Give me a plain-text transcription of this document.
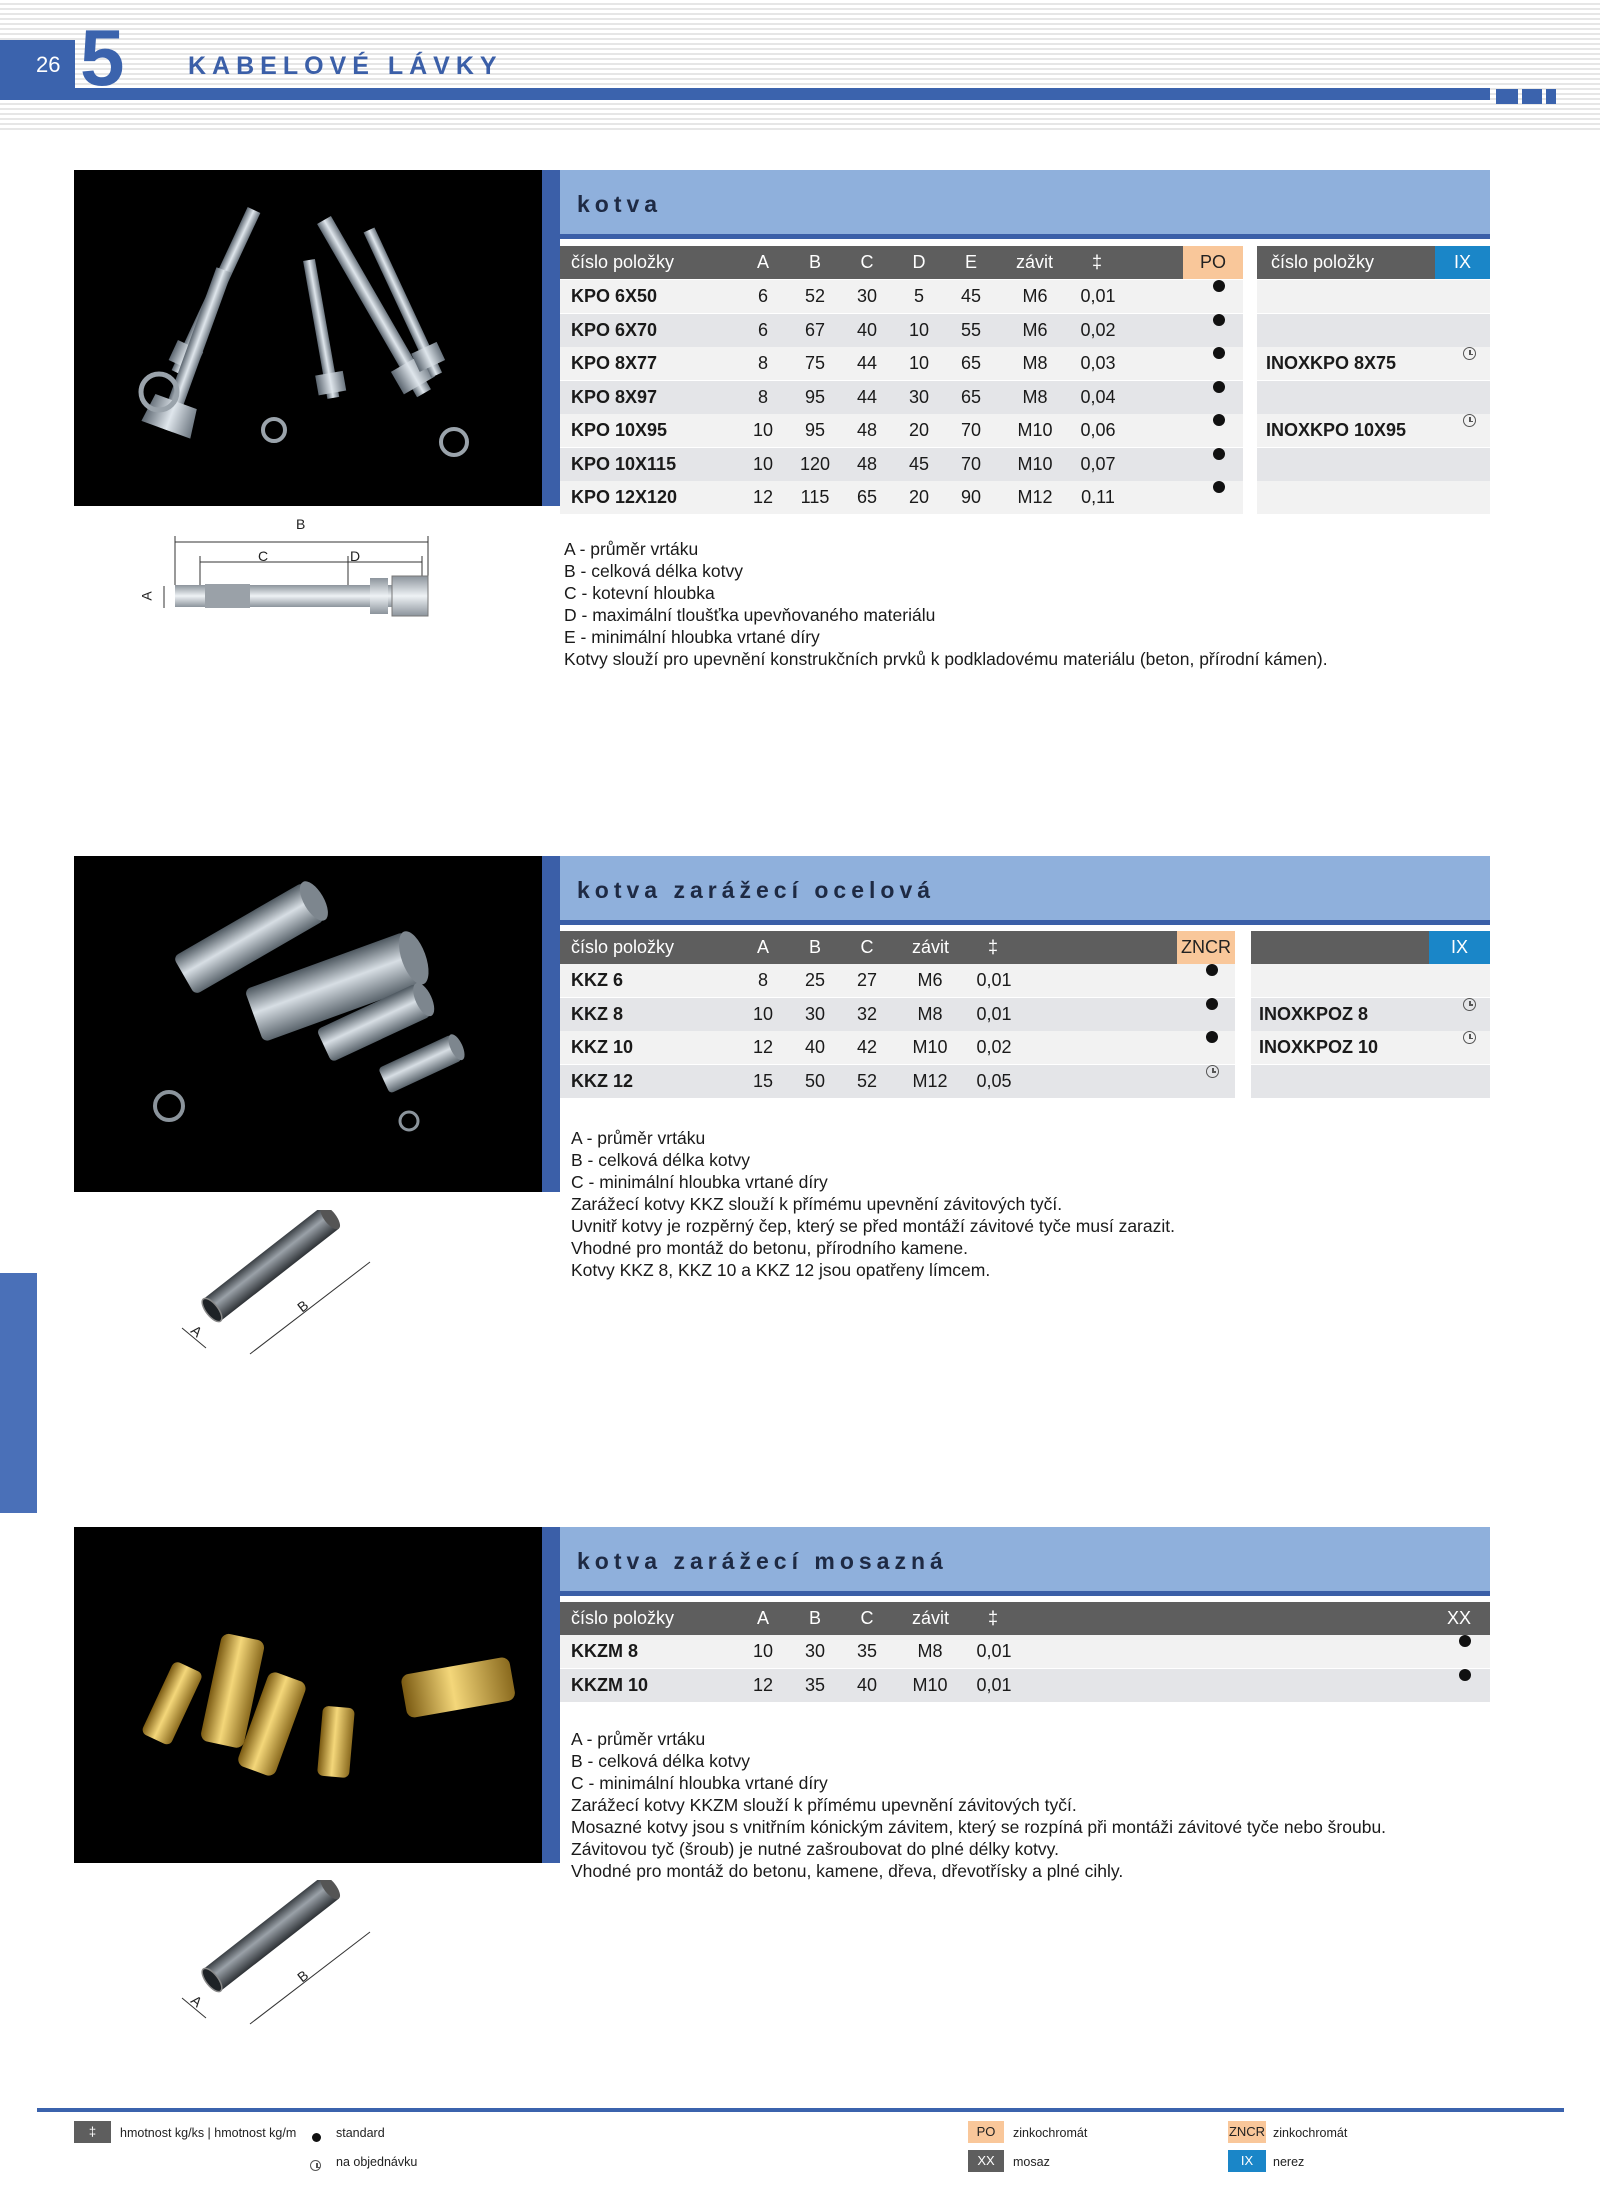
26 5	KABELOVÉ LÁVKY
kotva
číslo položky	A B C D E závit ‡	PO	číslo položky	IX
KPO 6X50	6 52 30 5 45 M6 0,01
KPO 6X70	6 67 40 10 55 M6 0,02
KPO 8X77	8 75 44 10 65 M8 0,03	INOXKPO 8X75
KPO 8X97	8 95 44 30 65 M8 0,04
KPO 10X95	10 95 48 20 70 M10 0,06	INOXKPO 10X95
KPO 10X115	10 120 48 45 70 M10 0,07
KPO 12X120	12 115 65 20 90 M12 0,11
B
C	D
A
A - průměr vrtáku
B - celková délka kotvy
C - kotevní hloubka
D - maximální tloušťka upevňovaného materiálu
E - minimální hloubka vrtané díry
Kotvy slouží pro upevnění konstrukčních prvků k podkladovému materiálu (beton, přírodní kámen).
kotva zarážecí ocelová
číslo položky	A B C závit ‡	ZNCR	IX
KKZ 6	8 25 27 M6 0,01
KKZ 8	10 30 32 M8 0,01	INOXKPOZ 8
KKZ 10	12 40 42 M10 0,02	INOXKPOZ 10
KKZ 12	15 50 52 M12 0,05
A
B
A - průměr vrtáku
B - celková délka kotvy
C - minimální hloubka vrtané díry
Zarážecí kotvy KKZ slouží k přímému upevnění závitových tyčí.
Uvnitř kotvy je rozpěrný čep, který se před montáží závitové tyče musí zarazit.
Vhodné pro montáž do betonu, přírodního kamene.
Kotvy KKZ 8, KKZ 10 a KKZ 12 jsou opatřeny límcem.
kotva zarážecí mosazná
číslo položky	A B C závit ‡	XX
KKZM 8	10 30 35 M8 0,01
KKZM 10	12 35 40 M10 0,01
A
B
A - průměr vrtáku
B - celková délka kotvy
C - minimální hloubka vrtané díry
Zarážecí kotvy KKZM slouží k přímému upevnění závitových tyčí.
Mosazné kotvy jsou s vnitřním kónickým závitem, který se rozpíná při montáži závitové tyče nebo šroubu.
Závitovou tyč (šroub) je nutné zašroubovat do plné délky kotvy.
Vhodné pro montáž do betonu, kamene, dřeva, dřevotřísky a plné cihly.
‡	hmotnost kg/ks | hmotnost kg/m	standard
na objednávku
PO	zinkochromát
XX	mosaz
ZNCR zinkochromát
IX	nerez
